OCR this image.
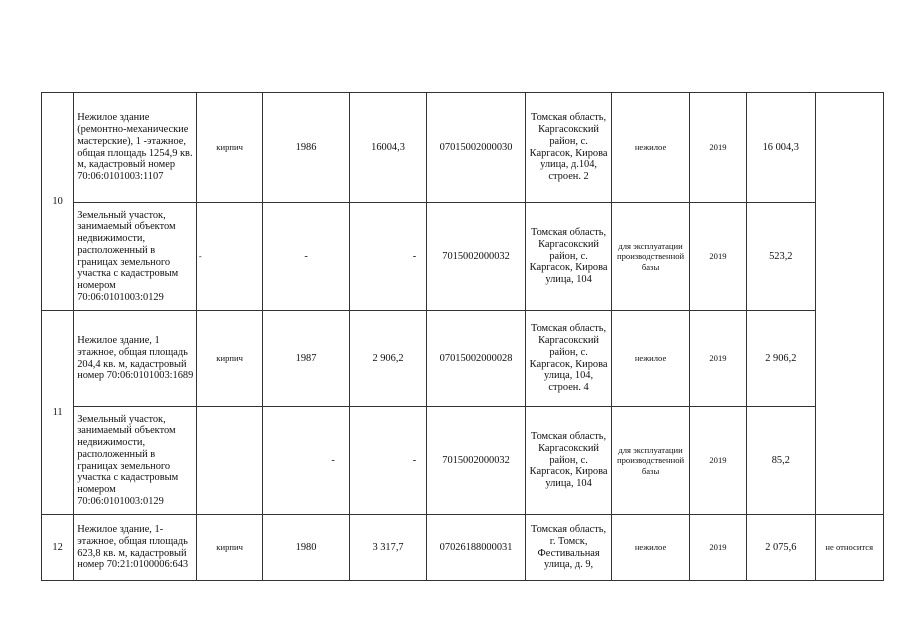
10	Нежилое здание (ремонтно-механические мастерские), 1 -этажное, общая площадь 1254,9 кв. м, кадастровый номер 70:06:0101003:1107	кирпич	1986	16004,3	07015002000030	Томская область, Каргасокский район, с. Каргасок, Кирова улица, д.104, строен. 2	нежилое	2019	16 004,3	
	Земельный участок, занимаемый объектом недвижимости, расположенный в границах земельного участка с кадастровым номером 70:06:0101003:0129	-	-	-	7015002000032	Томская область, Каргасокский район, с. Каргасок, Кирова улица, 104	для эксплуатации производственной базы	2019	523,2	
11	Нежилое здание, 1 этажное, общая площадь 204,4 кв. м, кадастровый номер 70:06:0101003:1689	кирпич	1987	2 906,2	07015002000028	Томская область, Каргасокский район, с. Каргасок, Кирова улица, 104, строен. 4	нежилое	2019	2 906,2	
	Земельный участок, занимаемый объектом недвижимости, расположенный в границах земельного участка с кадастровым номером 70:06:0101003:0129		-	-	7015002000032	Томская область, Каргасокский район, с. Каргасок, Кирова улица, 104	для эксплуатации производственной базы	2019	85,2	
12	Нежилое здание, 1-этажное, общая площадь 623,8 кв. м, кадастровый номер 70:21:0100006:643	кирпич	1980	3 317,7	07026188000031	Томская область, г. Томск, Фестивальная улица, д. 9,	нежилое	2019	2 075,6	не относится
